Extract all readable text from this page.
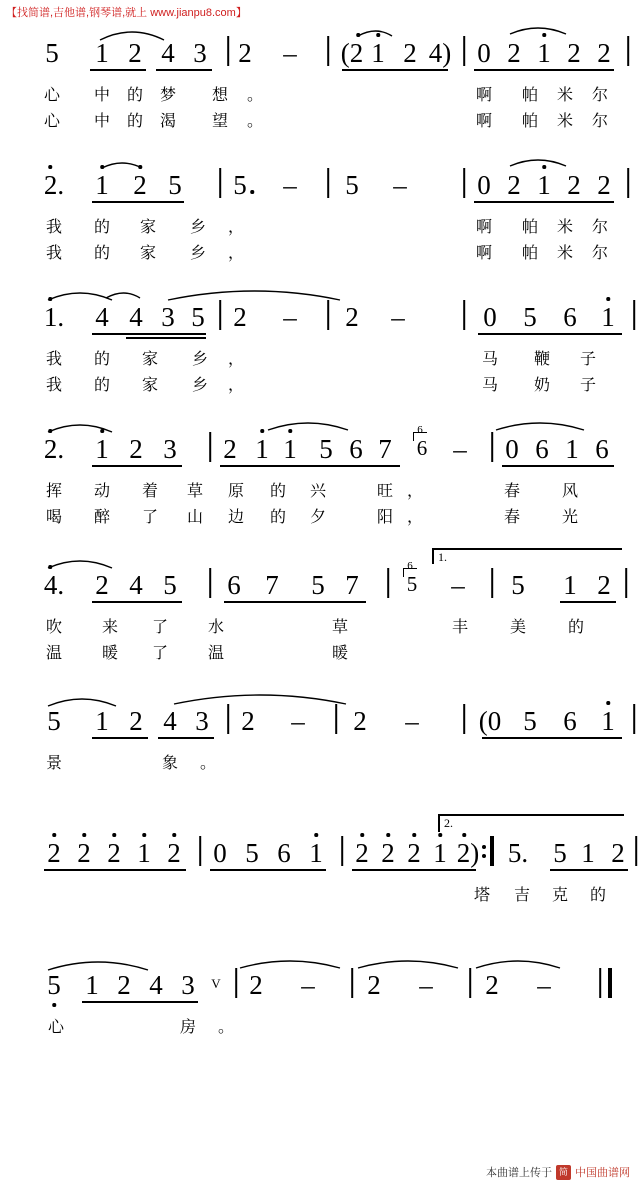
【找简谱,吉他谱,钢琴谱,就上 www.jianpu8.com】
5 1 2 4 3 2 – (2 1 2 4) 0 2 1 2 2
心 中 的 梦 想 。	啊 帕 米 尔
心 中 的 渴 望 。	啊 帕 米 尔
2. 1 2 5 5 – 5 –	0 2 1 2 2
我 的 家 乡 ，	啊 帕 米 尔
我 的 家 乡 ，	啊 帕 米 尔
1. 4 4 3 5 2 – 2 –	0 5 6 1
我 的 家 乡 ，	马 鞭 子
我 的 家 乡 ，	马 奶 子
2. 1 2 3 2 1 1 5 6 7
6
6 – 0 6 1 6
挥 动 着 草 原 的 兴	旺 ，	春	风
喝 醉 了 山 边 的 夕	阳 ，	春	光
1.
4. 2 4 5 6 7 5 7
6
5 – 5 1 2
吹 来 了 水	草	丰	美	的
温 暖 了 温	暖
5 1 2 4 3 2 – 2 – (0 5 6 1
景	象 。
2.
2 2 2 1 2 0 5 6 1 2 2 2 1 2) 5. 5 1 2
塔 吉 克 的
5 1 2 4 3 V 2 – 2 – 2 –
心	房 。
本曲谱上传于 简 中国曲谱网
